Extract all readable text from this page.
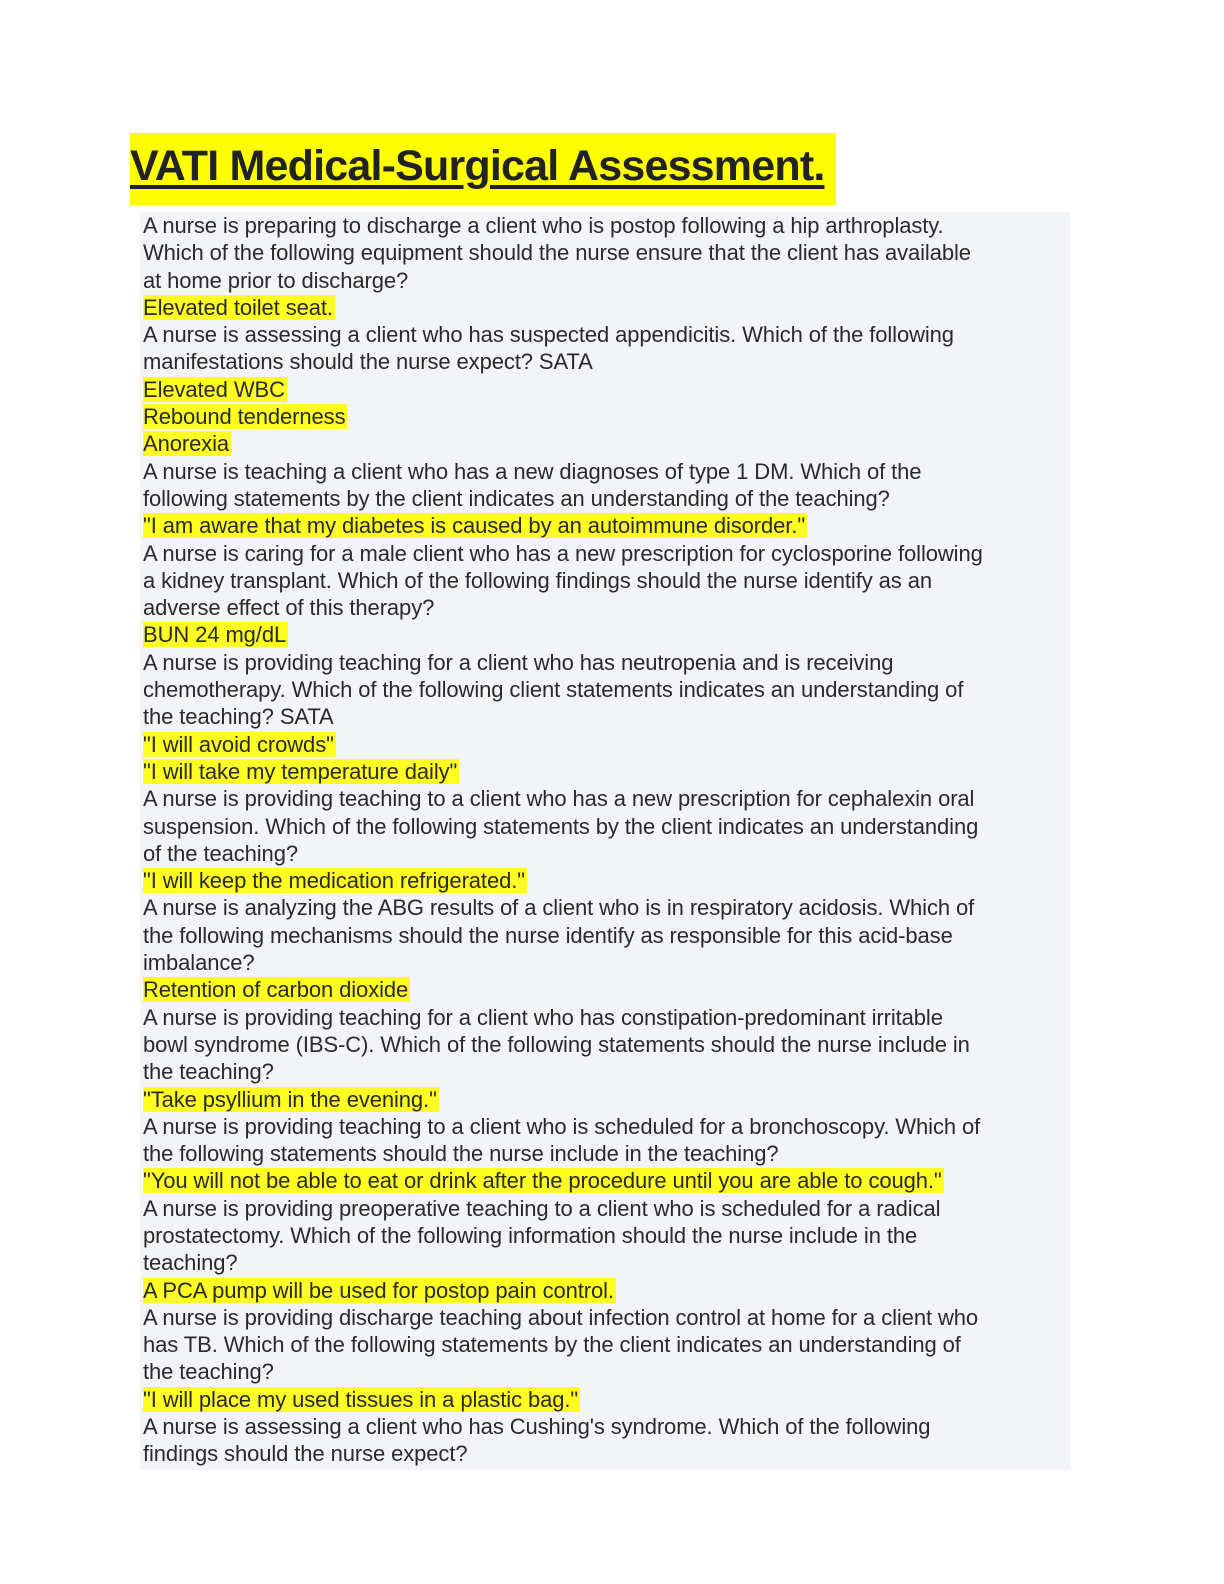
VATI Medical-Surgical Assessment.

A nurse is preparing to discharge a client who is postop following a hip arthroplasty.

Which of the following equipment should the nurse ensure that the client has available

at home prior to discharge?

Elevated toilet seat.

A nurse is assessing a client who has suspected appendicitis. Which of the following

manifestations should the nurse expect? SATA

Elevated WBC

Rebound tenderness

Anorexia

A nurse is teaching a client who has a new diagnoses of type 1 DM. Which of the

following statements by the client indicates an understanding of the teaching?

"I am aware that my diabetes is caused by an autoimmune disorder."

A nurse is caring for a male client who has a new prescription for cyclosporine following

a kidney transplant. Which of the following findings should the nurse identify as an

adverse effect of this therapy?

BUN 24 mg/dL

A nurse is providing teaching for a client who has neutropenia and is receiving

chemotherapy. Which of the following client statements indicates an understanding of

the teaching? SATA

"I will avoid crowds"

"I will take my temperature daily"

A nurse is providing teaching to a client who has a new prescription for cephalexin oral

suspension. Which of the following statements by the client indicates an understanding

of the teaching?

"I will keep the medication refrigerated."

A nurse is analyzing the ABG results of a client who is in respiratory acidosis. Which of

the following mechanisms should the nurse identify as responsible for this acid-base

imbalance?

Retention of carbon dioxide

A nurse is providing teaching for a client who has constipation-predominant irritable

bowl syndrome (IBS-C). Which of the following statements should the nurse include in

the teaching?

"Take psyllium in the evening."

A nurse is providing teaching to a client who is scheduled for a bronchoscopy. Which of

the following statements should the nurse include in the teaching?

"You will not be able to eat or drink after the procedure until you are able to cough."

A nurse is providing preoperative teaching to a client who is scheduled for a radical

prostatectomy. Which of the following information should the nurse include in the

teaching?

A PCA pump will be used for postop pain control.

A nurse is providing discharge teaching about infection control at home for a client who

has TB. Which of the following statements by the client indicates an understanding of

the teaching?

"I will place my used tissues in a plastic bag."

A nurse is assessing a client who has Cushing's syndrome. Which of the following

findings should the nurse expect?
